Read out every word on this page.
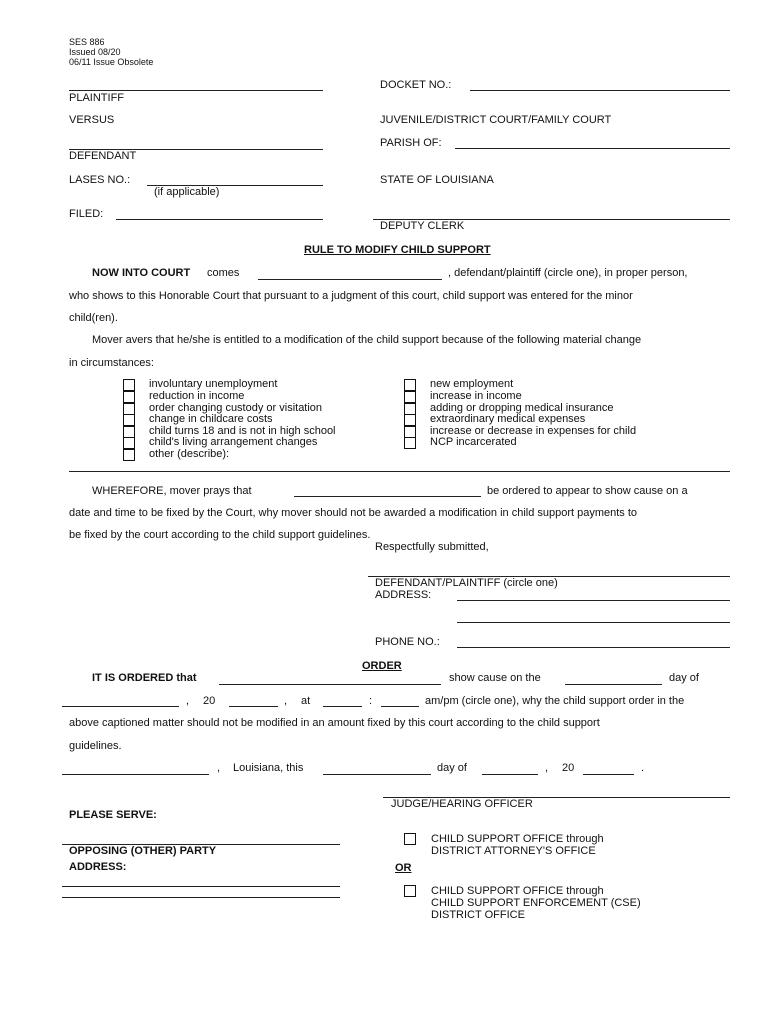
SES 886
Issued 08/20
06/11 Issue Obsolete
PLAINTIFF
VERSUS
DEFENDANT
LASES NO.:
(if applicable)
FILED:
DOCKET NO.:
JUVENILE/DISTRICT COURT/FAMILY COURT
PARISH OF:
STATE OF LOUISIANA
DEPUTY CLERK
RULE TO MODIFY CHILD SUPPORT
NOW INTO COURT comes	, defendant/plaintiff (circle one), in proper person,
who shows to this Honorable Court that pursuant to a judgment of this court, child support was entered for the minor
child(ren).
Mover avers that he/she is entitled to a modification of the child support because of the following material change
in circumstances:
involuntary unemployment
reduction in income
order changing custody or visitation
change in childcare costs
child turns 18 and is not in high school
child's living arrangement changes
other (describe):
new employment
increase in income
adding or dropping medical insurance
extraordinary medical expenses
increase or decrease in expenses for child
NCP incarcerated
WHEREFORE, mover prays that	be ordered to appear to show cause on a
date and time to be fixed by the Court, why mover should not be awarded a modification in child support payments to
be fixed by the court according to the child support guidelines.
Respectfully submitted,
DEFENDANT/PLAINTIFF (circle one)
ADDRESS:
PHONE NO.:
ORDER
IT IS ORDERED that	show cause on the	day of
, 20	, at	:	am/pm (circle one), why the child support order in the
above captioned matter should not be modified in an amount fixed by this court according to the child support
guidelines.
, Louisiana, this	day of	, 20	.
JUDGE/HEARING OFFICER
PLEASE SERVE:
OPPOSING (OTHER) PARTY
ADDRESS:
CHILD SUPPORT OFFICE through
DISTRICT ATTORNEY'S OFFICE
OR
CHILD SUPPORT OFFICE through
CHILD SUPPORT ENFORCEMENT (CSE)
DISTRICT OFFICE
